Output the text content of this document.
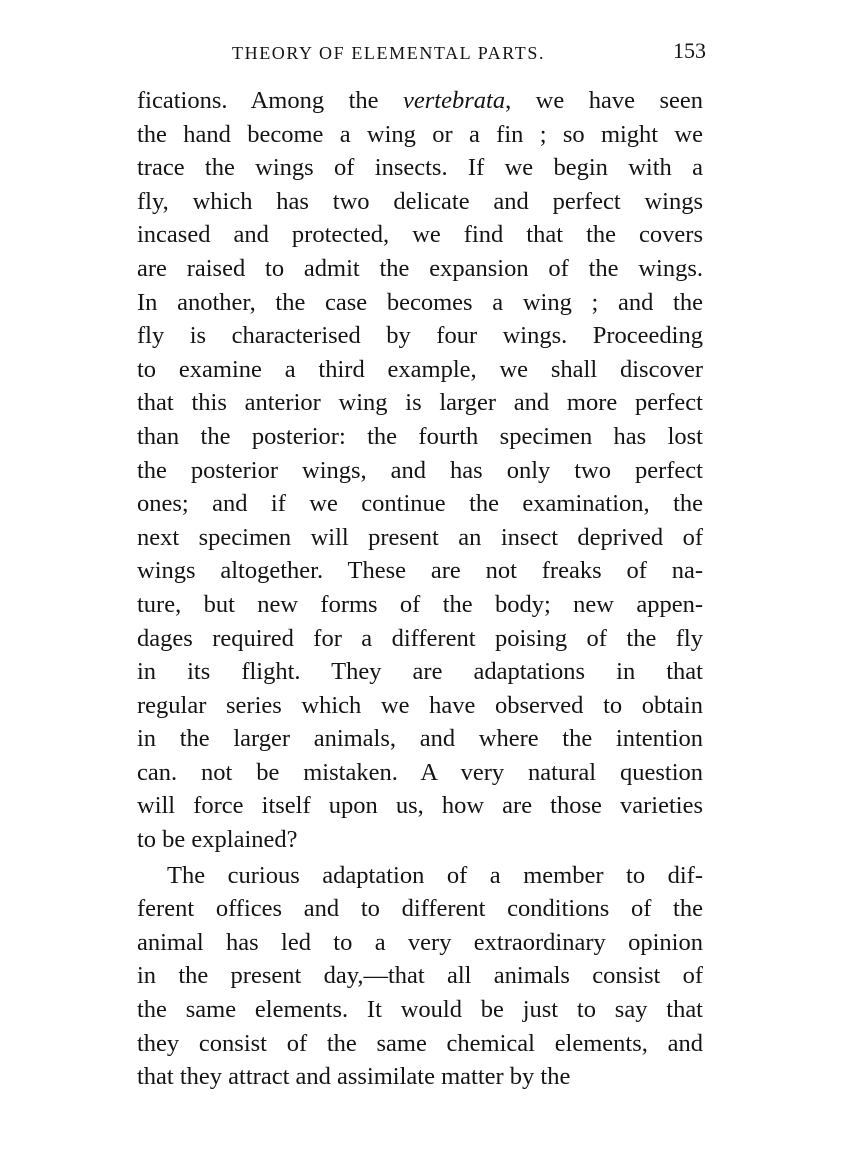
THEORY OF ELEMENTAL PARTS.	153
fications. Among the vertebrata, we have seen
the hand become a wing or a fin ; so might we
trace the wings of insects. If we begin with a
fly, which has two delicate and perfect wings
incased and protected, we find that the covers
are raised to admit the expansion of the wings.
In another, the case becomes a wing ; and the
fly is characterised by four wings. Proceeding
to examine a third example, we shall discover
that this anterior wing is larger and more perfect
than the posterior: the fourth specimen has lost
the posterior wings, and has only two perfect
ones; and if we continue the examination, the
next specimen will present an insect deprived of
wings altogether. These are not freaks of na-
ture, but new forms of the body; new appen-
dages required for a different poising of the fly
in its flight. They are adaptations in that
regular series which we have observed to obtain
in the larger animals, and where the intention
can. not be mistaken. A very natural question
will force itself upon us, how are those varieties
to be explained?
The curious adaptation of a member to dif-
ferent offices and to different conditions of the
animal has led to a very extraordinary opinion
in the present day,—that all animals consist of
the same elements. It would be just to say that
they consist of the same chemical elements, and
that they attract and assimilate matter by the
